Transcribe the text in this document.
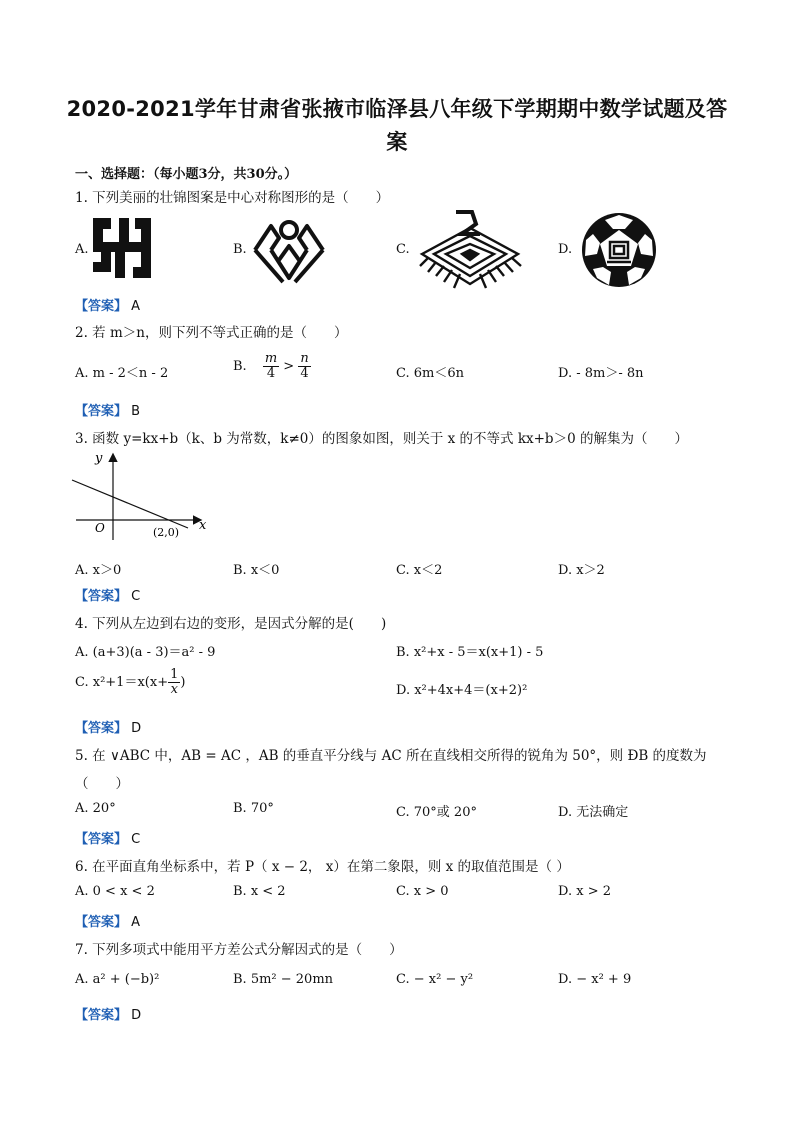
2020-2021学年甘肃省张掖市临泽县八年级下学期期中数学试题及答
案
一、选择题：（每小题3分，共30分。）
1. 下列美丽的壮锦图案是中心对称图形的是（　　）
A.	B.	C.	D.
【答案】 A
2. 若 m＞n，则下列不等式正确的是（　　）
A. m - 2＜n - 2	B. $\frac{m}{4} > \frac{n}{4}$	C. 6m＜6n	D. - 8m＞- 8n
【答案】 B
3. 函数 y=kx+b（k、b 为常数，k≠0）的图象如图，则关于 x 的不等式 kx+b＞0 的解集为（　　）
y
x
O	(2,0)
A. x＞0	B. x＜0	C. x＜2	D. x＞2
【答案】 C
4. 下列从左边到右边的变形，是因式分解的是(　　)
A. (a+3)(a - 3)＝a² - 9	B. x²+x - 5＝x(x+1) - 5
C. $x^2+1=x(x+ \frac{1}{x}$ )
D. x²+4x+4＝(x+2)²
【答案】 D
5. 在 ∨ABC 中，AB = AC ，AB 的垂直平分线与 AC 所在直线相交所得的锐角为 50°，则 ÐB 的度数为
（　　）
A. 20°	B. 70°	C. 70°或 20°	D. 无法确定
【答案】 C
6. 在平面直角坐标系中，若 P（ x − 2， x）在第二象限，则 x 的取值范围是（ ）
A. 0 < x < 2	B. x < 2	C. x > 0	D. x > 2
【答案】 A
7. 下列多项式中能用平方差公式分解因式的是（　　）
A. a² + (−b)²	B. 5m² − 20mn	C. − x² − y²	D. − x² + 9
【答案】 D
